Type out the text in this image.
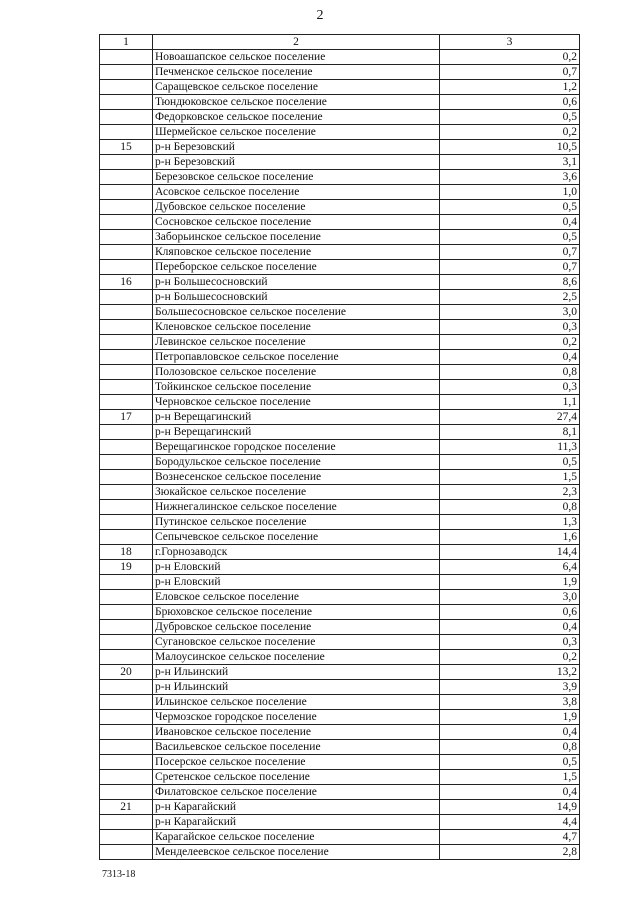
2
1	2	3
	Новоашапское сельское поселение	0,2
	Печменское сельское поселение	0,7
	Саращевское сельское поселение	1,2
	Тюндюковское сельское поселение	0,6
	Федорковское сельское поселение	0,5
	Шермейское сельское поселение	0,2
15	р-н Березовский	10,5
	р-н Березовский	3,1
	Березовское сельское поселение	3,6
	Асовское сельское поселение	1,0
	Дубовское сельское поселение	0,5
	Сосновское сельское поселение	0,4
	Заборьинское сельское поселение	0,5
	Кляповское сельское поселение	0,7
	Переборское сельское поселение	0,7
16	р-н Большесосновский	8,6
	р-н Большесосновский	2,5
	Большесосновское сельское поселение	3,0
	Кленовское сельское поселение	0,3
	Левинское сельское поселение	0,2
	Петропавловское сельское поселение	0,4
	Полозовское сельское поселение	0,8
	Тойкинское сельское поселение	0,3
	Черновское сельское поселение	1,1
17	р-н Верещагинский	27,4
	р-н Верещагинский	8,1
	Верещагинское городское поселение	11,3
	Бородульское сельское поселение	0,5
	Вознесенское сельское поселение	1,5
	Зюкайское сельское поселение	2,3
	Нижнегалинское сельское поселение	0,8
	Путинское сельское поселение	1,3
	Сепычевское сельское поселение	1,6
18	г.Горнозаводск	14,4
19	р-н Еловский	6,4
	р-н Еловский	1,9
	Еловское сельское поселение	3,0
	Брюховское сельское поселение	0,6
	Дубровское сельское поселение	0,4
	Сугановское сельское поселение	0,3
	Малоусинское сельское поселение	0,2
20	р-н Ильинский	13,2
	р-н Ильинский	3,9
	Ильинское сельское поселение	3,8
	Чермозское городское поселение	1,9
	Ивановское сельское поселение	0,4
	Васильевское сельское поселение	0,8
	Посерское сельское поселение	0,5
	Сретенское сельское поселение	1,5
	Филатовское сельское поселение	0,4
21	р-н Карагайский	14,9
	р-н Карагайский	4,4
	Карагайское сельское поселение	4,7
	Менделеевское сельское поселение	2,8
7313-18
